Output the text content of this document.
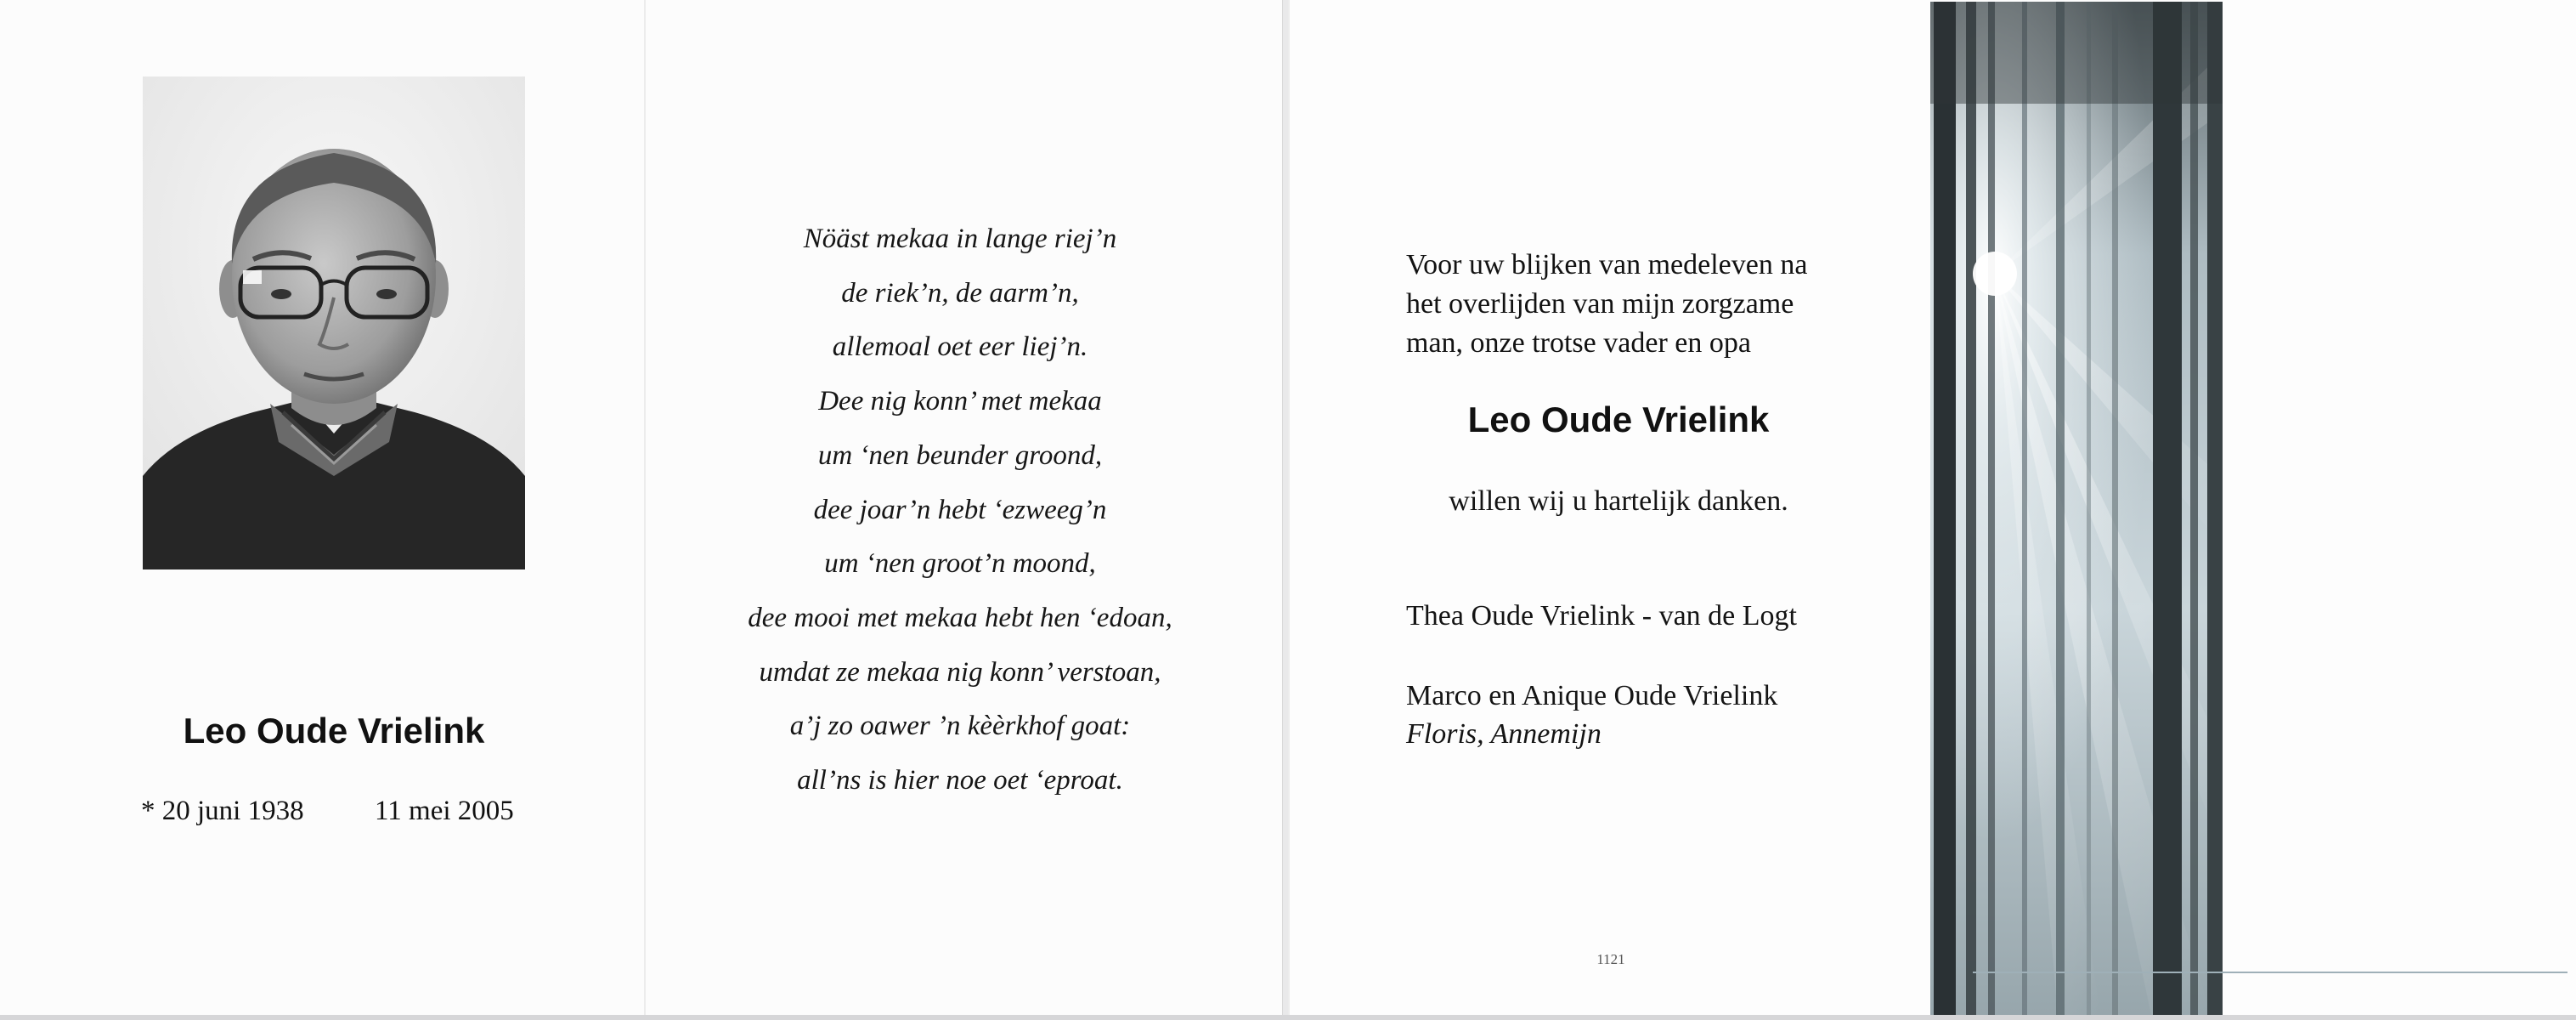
Leo Oude Vrielink
* 20 juni 1938	11 mei 2005
Nöäst mekaa in lange riej’n
de riek’n, de aarm’n,
allemoal oet eer liej’n.
Dee nig konn’ met mekaa
um ‘nen beunder groond,
dee joar’n hebt ‘ezweeg’n
um ‘nen groot’n moond,
dee mooi met mekaa hebt hen ‘edoan,
umdat ze mekaa nig konn’ verstoan,
a’j zo oawer ’n kèèrkhof goat:
all’ns is hier noe oet ‘eproat.
Voor uw blijken van medeleven na
het overlijden van mijn zorgzame
man, onze trotse vader en opa
Leo Oude Vrielink
willen wij u hartelijk danken.
Thea Oude Vrielink - van de Logt
Marco en Anique Oude Vrielink
Floris, Annemijn
1121
